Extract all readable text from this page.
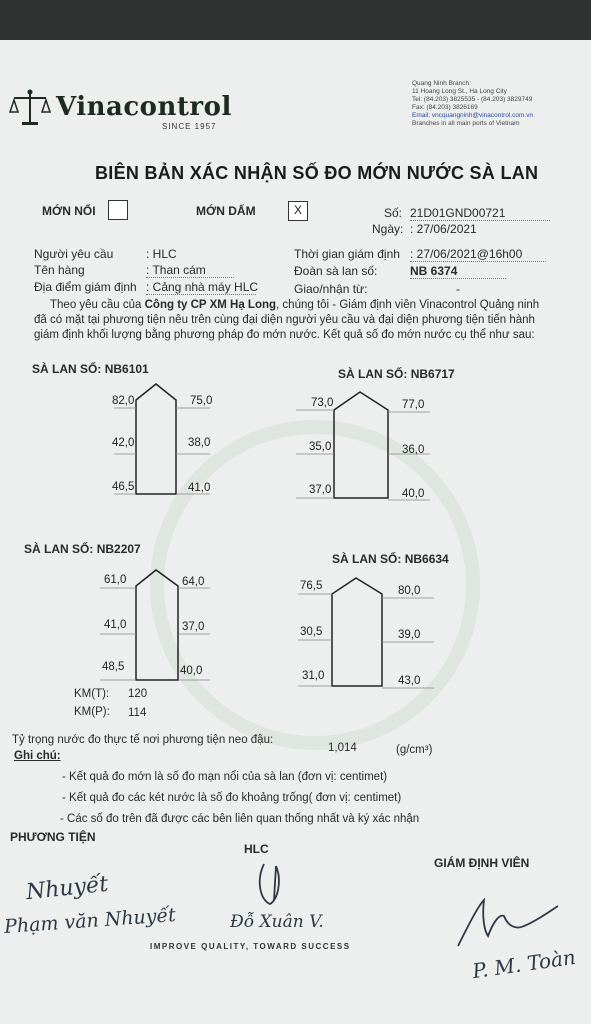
Vinacontrol
SINCE 1957
Quang Ninh Branch:
11 Hoang Long St., Ha Long City
Tel: (84.203) 3825535 - (84.203) 3829749
Fax: (84.203) 3826169
Email: vncquangninh@vinacontrol.com.vn
Branches in all main ports of Vietnam
BIÊN BẢN XÁC NHẬN SỐ ĐO MỚN NƯỚC SÀ LAN
MỚN NỔI	MỚN DẤM	X	Số: 21D01GND00721
Ngày: : 27/06/2021
Người yêu cầu	: HLC
Tên hàng	: Than cám
Địa điểm giám định : Cảng nhà máy HLC
Thời gian giám định : 27/06/2021@16h00
Đoàn sà lan số:	NB 6374
Giao/nhận từ:	-
Theo yêu cầu của Công ty CP XM Hạ Long, chúng tôi - Giám định viên Vinacontrol Quảng ninh đã có mặt tại phương tiện nêu trên cùng đại diện người yêu cầu và đại diện phương tiện tiến hành giám định khối lượng bằng phương pháp đo mớn nước. Kết quả số đo mớn nước cụ thể như sau:
SÀ LAN SỐ: NB6101
82,0	75,0
42,0	38,0
46,5	41,0
SÀ LAN SỐ: NB6717
73,0	77,0
35,0	36,0
37,0	40,0
SÀ LAN SỐ: NB2207
61,0	64,0
41,0	37,0
48,5	40,0
SÀ LAN SỐ: NB6634
76,5	80,0
30,5	39,0
31,0	43,0
KM(T): 120
KM(P): 114
Tỷ trọng nước đo thực tế nơi phương tiện neo đậu:
1,014	(g/cm³)
Ghi chú:
- Kết quả đo mớn là số đo mạn nổi của sà lan (đơn vị: centimet)
- Kết quả đo các két nước là số đo khoảng trống( đơn vị: centimet)
- Các số đo trên đã được các bên liên quan thống nhất và ký xác nhận
PHƯƠNG TIỆN
HLC
GIÁM ĐỊNH VIÊN
Nhuyết
Phạm văn Nhuyết	Đỗ Xuân V.
P. M. Toàn
IMPROVE QUALITY, TOWARD SUCCESS
